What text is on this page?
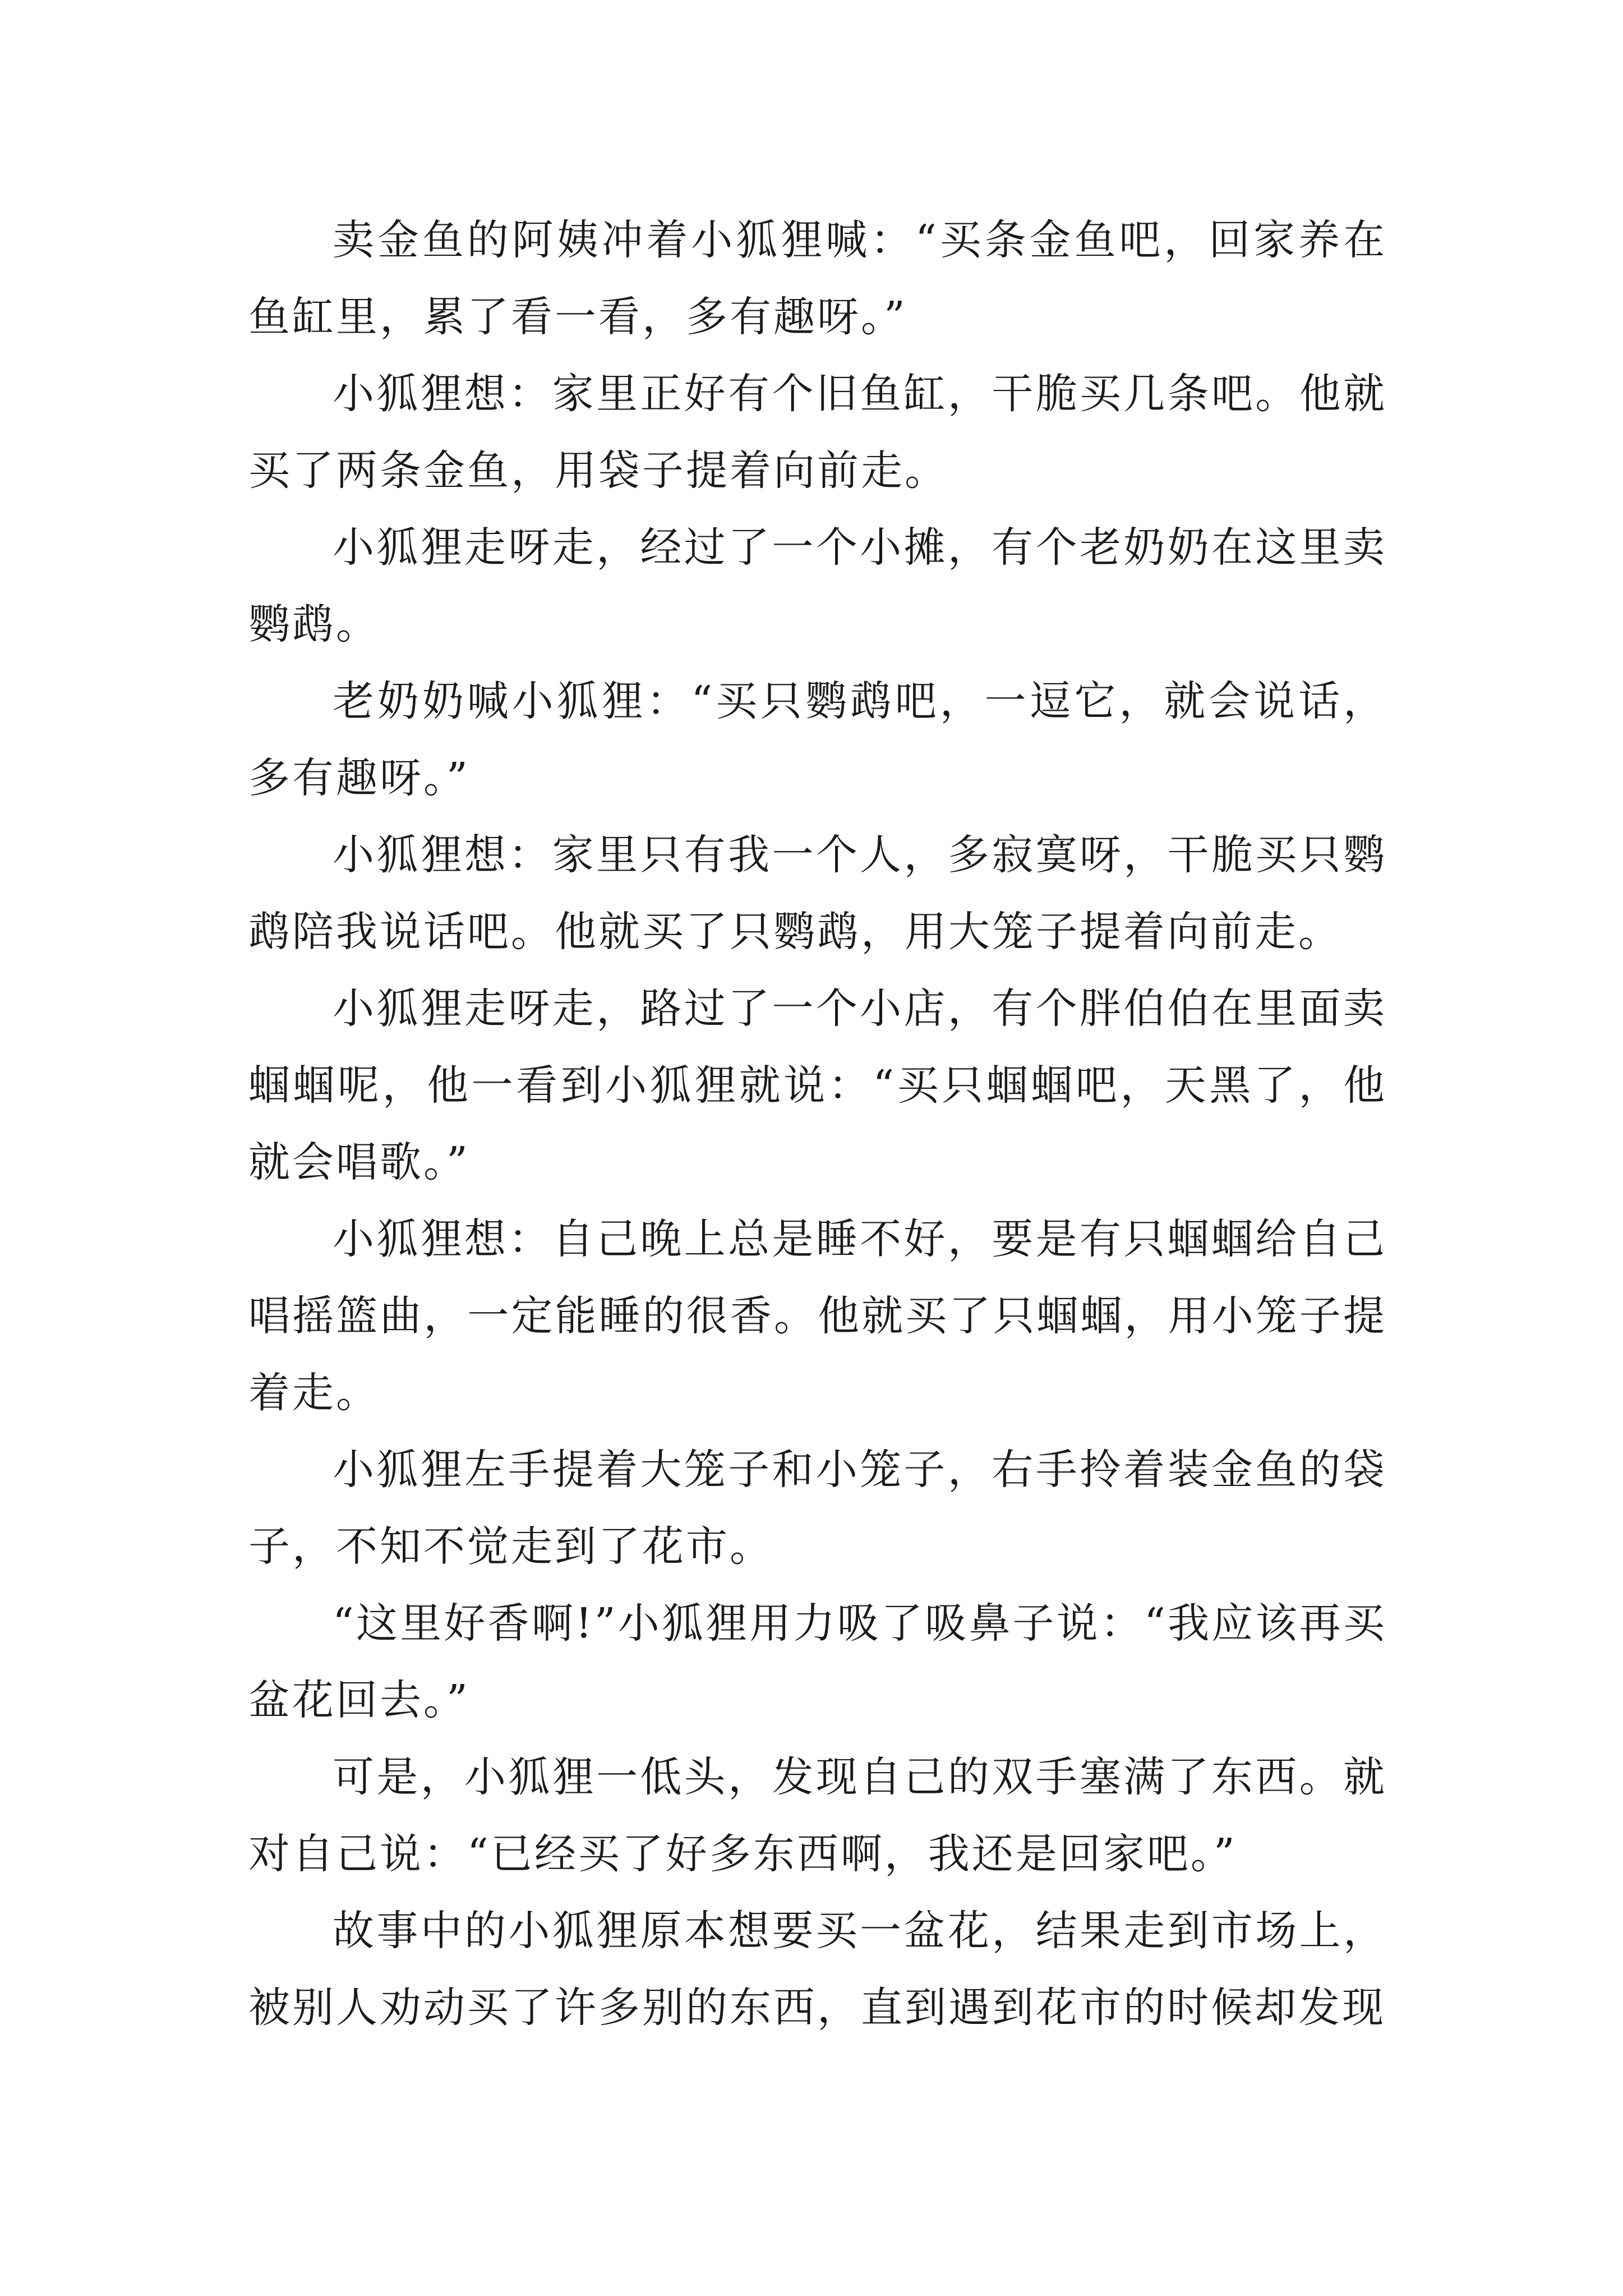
卖金鱼的阿姨冲着小狐狸喊：“买条金鱼吧，回家养在鱼缸里，累了看一看，多有趣呀。”

小狐狸想：家里正好有个旧鱼缸，干脆买几条吧。他就买了两条金鱼，用袋子提着向前走。

小狐狸走呀走，经过了一个小摊，有个老奶奶在这里卖鹦鹉。

老奶奶喊小狐狸：“买只鹦鹉吧，一逗它，就会说话，多有趣呀。”

小狐狸想：家里只有我一个人，多寂寞呀，干脆买只鹦鹉陪我说话吧。他就买了只鹦鹉，用大笼子提着向前走。

小狐狸走呀走，路过了一个小店，有个胖伯伯在里面卖蝈蝈呢，他一看到小狐狸就说：“买只蝈蝈吧，天黑了，他就会唱歌。”

小狐狸想：自己晚上总是睡不好，要是有只蝈蝈给自己唱摇篮曲，一定能睡的很香。他就买了只蝈蝈，用小笼子提着走。

小狐狸左手提着大笼子和小笼子，右手拎着装金鱼的袋子，不知不觉走到了花市。

“这里好香啊!”小狐狸用力吸了吸鼻子说：“我应该再买盆花回去。”

可是，小狐狸一低头，发现自己的双手塞满了东西。就对自己说：“已经买了好多东西啊，我还是回家吧。”

故事中的小狐狸原本想要买一盆花，结果走到市场上，被别人劝动买了许多别的东西，直到遇到花市的时候却发现
